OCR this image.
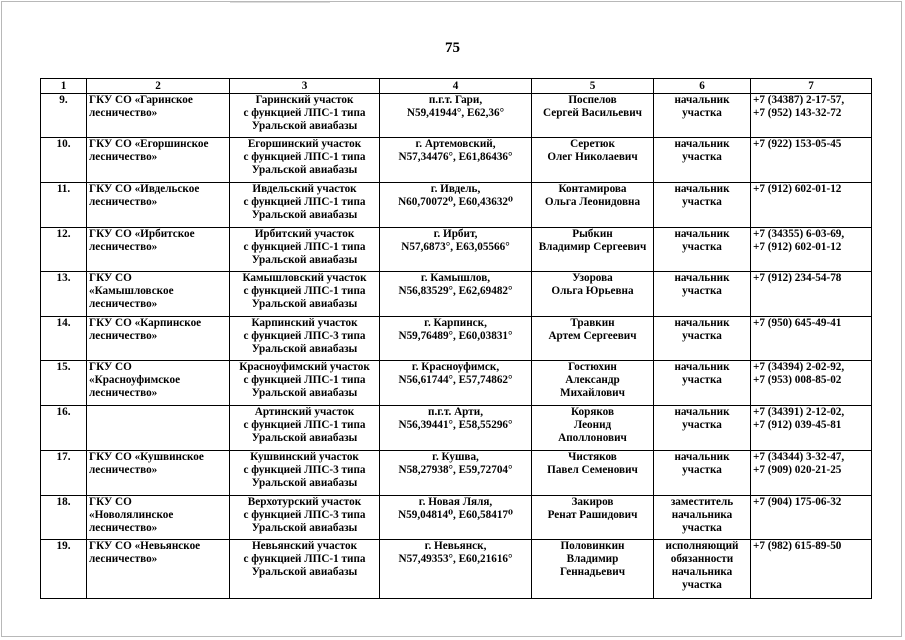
75
1	2	3	4	5	6	7
9.	ГКУ СО «Гаринское
лесничество»	Гаринский участок
с функцией ЛПС-1 типа
Уральской авиабазы	п.г.т. Гари,
N59,41944°, E62,36°	Поспелов
Сергей Васильевич	начальник
участка	+7 (34387) 2-17-57,
+7 (952) 143-32-72

10.	ГКУ СО «Егоршинское
лесничество»	Егоршинский участок
с функцией ЛПС-1 типа
Уральской авиабазы	г. Артемовский,
N57,34476°, E61,86436°	Серетюк
Олег Николаевич	начальник
участка	+7 (922) 153-05-45

11.	ГКУ СО «Ивдельское
лесничество»	Ивдельский участок
с функцией ЛПС-1 типа
Уральской авиабазы	г. Ивдель,
N60,70072⁰, E60,43632⁰	Контамирова
Ольга Леонидовна	начальник
участка	+7 (912) 602-01-12

12.	ГКУ СО «Ирбитское
лесничество»	Ирбитский участок
с функцией ЛПС-1 типа
Уральской авиабазы	г. Ирбит,
N57,6873°, E63,05566°	Рыбкин
Владимир Сергеевич	начальник
участка	+7 (34355) 6-03-69,
+7 (912) 602-01-12

13.	ГКУ СО
«Камышловское
лесничество»	Камышловский участок
с функцией ЛПС-1 типа
Уральской авиабазы	г. Камышлов,
N56,83529°, E62,69482°	Узорова
Ольга Юрьевна	начальник
участка	+7 (912) 234-54-78

14.	ГКУ СО «Карпинское
лесничество»	Карпинский участок
с функцией ЛПС-3 типа
Уральской авиабазы	г. Карпинск,
N59,76489°, E60,03831°	Травкин
Артем Сергеевич	начальник
участка	+7 (950) 645-49-41

15.	ГКУ СО
«Красноуфимское
лесничество»	Красноуфимский участок
с функцией ЛПС-1 типа
Уральской авиабазы	г. Красноуфимск,
N56,61744°, E57,74862°	Гостюхин
Александр
Михайлович	начальник
участка	+7 (34394) 2-02-92,
+7 (953) 008-85-02

16.		Артинский участок
с функцией ЛПС-1 типа
Уральской авиабазы	п.г.т. Арти,
N56,39441°, E58,55296°	Коряков
Леонид
Аполлонович	начальник
участка	+7 (34391) 2-12-02,
+7 (912) 039-45-81

17.	ГКУ СО «Кушвинское
лесничество»	Кушвинский участок
с функцией ЛПС-3 типа
Уральской авиабазы	г. Кушва,
N58,27938°, E59,72704°	Чистяков
Павел Семенович	начальник
участка	+7 (34344) 3-32-47,
+7 (909) 020-21-25

18.	ГКУ СО
«Новолялинское
лесничество»	Верхотурский участок
с функцией ЛПС-3 типа
Уральской авиабазы	г. Новая Ляля,
N59,04814⁰, E60,58417⁰	Закиров
Ренат Рашидович	заместитель
начальника
участка	+7 (904) 175-06-32

19.	ГКУ СО «Невьянское
лесничество»	Невьянский участок
с функцией ЛПС-1 типа
Уральской авиабазы	г. Невьянск,
N57,49353°, E60,21616°	Половинкин
Владимир
Геннадьевич	исполняющий
обязанности
начальника
участка	+7 (982) 615-89-50
